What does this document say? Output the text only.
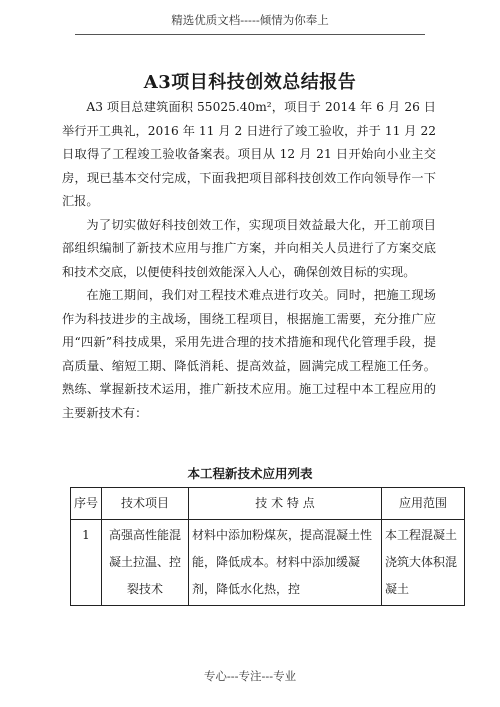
精选优质文档-----倾情为你奉上
A3项目科技创效总结报告

A3 项目总建筑面积 55025.40m²，项目于 2014 年 6 月 26 日举行开工典礼，2016 年 11 月 2 日进行了竣工验收，并于 11 月 22 日取得了工程竣工验收备案表。项目从 12 月 21 日开始向小业主交房，现已基本交付完成，下面我把项目部科技创效工作向领导作一下汇报。

为了切实做好科技创效工作，实现项目效益最大化，开工前项目部组织编制了新技术应用与推广方案，并向相关人员进行了方案交底和技术交底，以便使科技创效能深入人心，确保创效目标的实现。

在施工期间，我们对工程技术难点进行攻关。同时，把施工现场作为科技进步的主战场，围绕工程项目，根据施工需要，充分推广应用“四新”科技成果，采用先进合理的技术措施和现代化管理手段，提高质量、缩短工期、降低消耗、提高效益，圆满完成工程施工任务。熟练、掌握新技术运用，推广新技术应用。施工过程中本工程应用的主要新技术有：

本工程新技术应用列表
序号	技术项目	技 术 特 点	应用范围
1	高强高性能混凝土拉温、控裂技术	材料中添加粉煤灰，提高混凝土性能，降低成本。材料中添加缓凝剂，降低水化热，控	本工程混凝土浇筑大体积混凝土
专心---专注---专业
